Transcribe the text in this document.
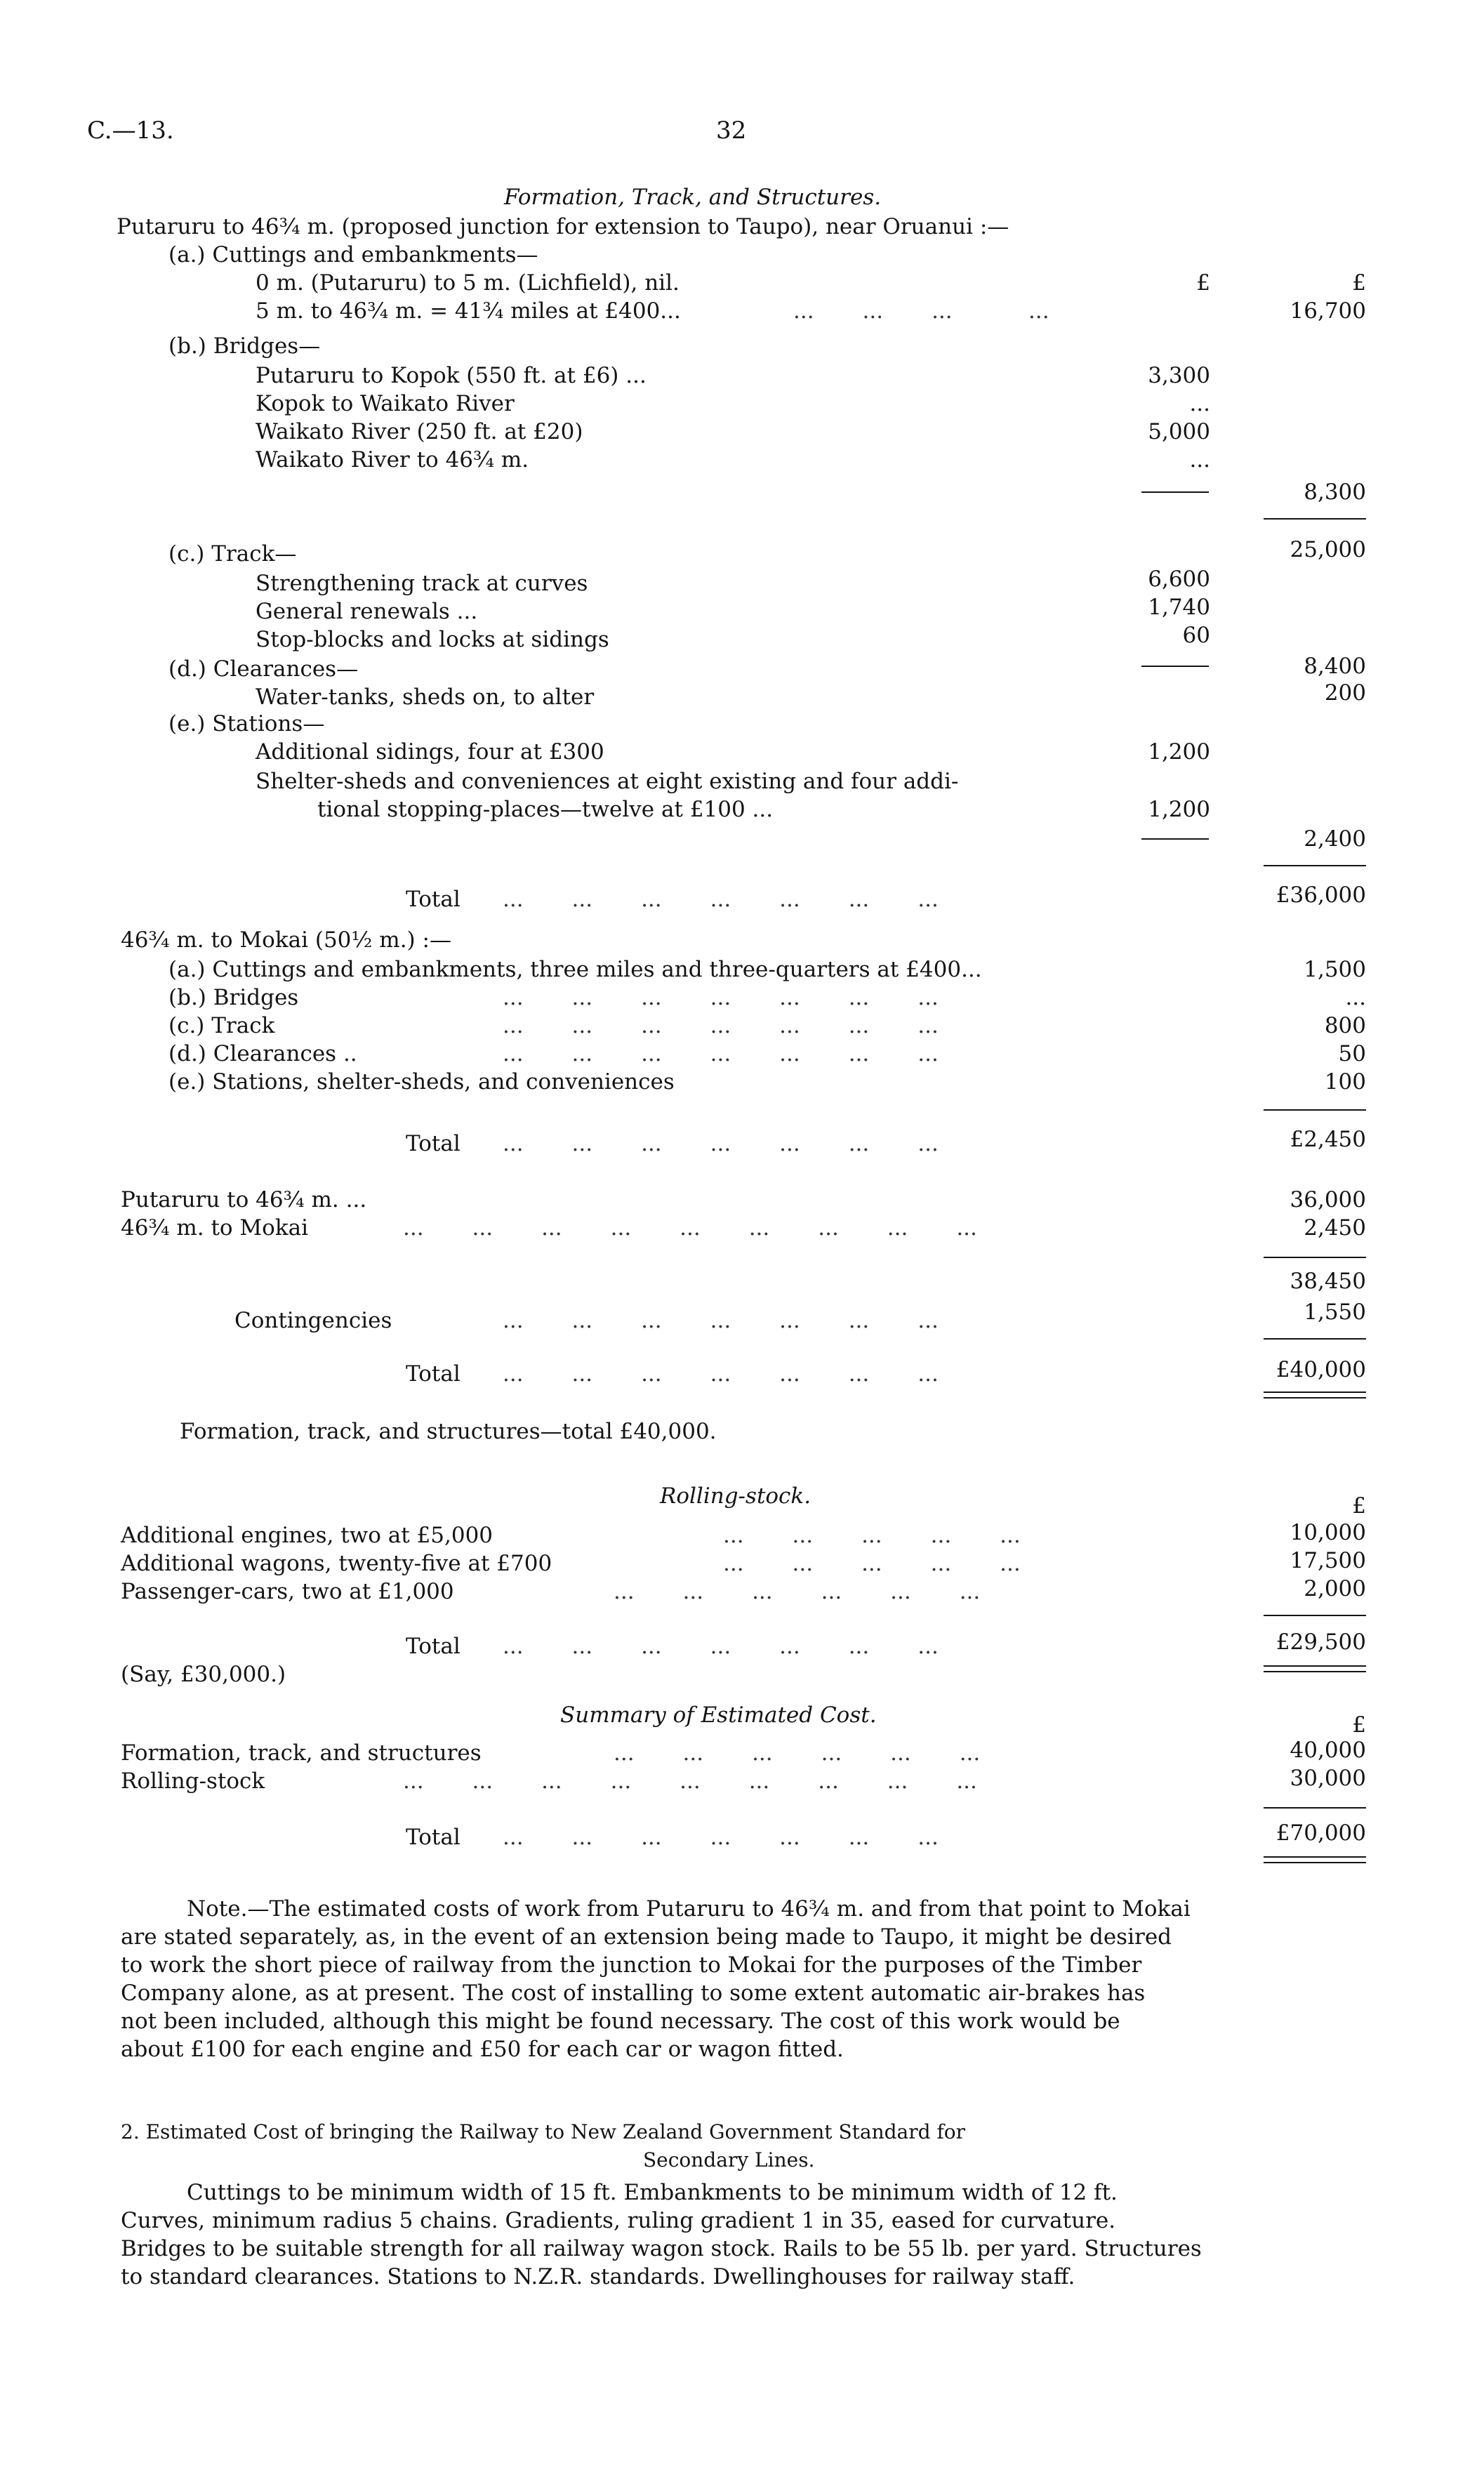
C.—13.	32
Formation, Track, and Structures.
Putaruru to 46¾ m. (proposed junction for extension to Taupo), near Oruanui :—
(a.) Cuttings and embankments—
0 m. (Putaruru) to 5 m. (Lichfield), nil.	£	£
5 m. to 46¾ m. = 41¾ miles at £400...	...       ...       ...           ...	16,700
(b.) Bridges—
Putaruru to Kopok (550 ft. at £6) ...	3,300
Kopok to Waikato River	...
Waikato River (250 ft. at £20)	5,000
Waikato River to 46¾ m.	...
8,300
(c.) Track—	25,000
Strengthening track at curves	6,600
General renewals ...	1,740
Stop-blocks and locks at sidings	60
(d.) Clearances—	8,400
Water-tanks, sheds on, to alter	200
(e.) Stations—
Additional sidings, four at £300	1,200
Shelter-sheds and conveniences at eight existing and four addi-
tional stopping-places—twelve at £100 ...	1,200
2,400
Total ...       ...       ...       ...       ...       ...       ...	£36,000
46¾ m. to Mokai (50½ m.) :—
(a.) Cuttings and embankments, three miles and three-quarters at £400...	1,500
(b.) Bridges	...
(c.) Track	800
(d.) Clearances ..	50
(e.) Stations, shelter-sheds, and conveniences	100
...       ...       ...       ...       ...       ...       ...
...       ...       ...       ...       ...       ...       ...
...       ...       ...       ...       ...       ...       ...
Total ...       ...       ...       ...       ...       ...       ...	£2,450
Putaruru to 46¾ m. ...	36,000
46¾ m. to Mokai	...       ...       ...       ...       ...       ...       ...       ...       ...	2,450
38,450
Contingencies	...       ...       ...       ...       ...       ...       ...	1,550
Total ...       ...       ...       ...       ...       ...       ...	£40,000
Formation, track, and structures—total £40,000.
Rolling-stock.	£
Additional engines, two at £5,000	10,000
Additional wagons, twenty-five at £700	17,500
Passenger-cars, two at £1,000	2,000
...       ...       ...       ...       ...
...       ...       ...       ...       ...
...       ...       ...       ...       ...       ...
Total ...       ...       ...       ...       ...       ...       ...	£29,500
(Say, £30,000.)
Summary of Estimated Cost.	£
Formation, track, and structures	40,000
Rolling-stock	30,000
...       ...       ...       ...       ...       ...
...       ...       ...       ...       ...       ...       ...       ...       ...
Total ...       ...       ...       ...       ...       ...       ...	£70,000
Note.—The estimated costs of work from Putaruru to 46¾ m. and from that point to Mokai
are stated separately, as, in the event of an extension being made to Taupo, it might be desired
to work the short piece of railway from the junction to Mokai for the purposes of the Timber
Company alone, as at present. The cost of installing to some extent automatic air-brakes has
not been included, although this might be found necessary. The cost of this work would be
about £100 for each engine and £50 for each car or wagon fitted.
2. Estimated Cost of bringing the Railway to New Zealand Government Standard for
Secondary Lines.
Cuttings to be minimum width of 15 ft. Embankments to be minimum width of 12 ft.
Curves, minimum radius 5 chains. Gradients, ruling gradient 1 in 35, eased for curvature.
Bridges to be suitable strength for all railway wagon stock. Rails to be 55 lb. per yard. Structures
to standard clearances. Stations to N.Z.R. standards. Dwellinghouses for railway staff.
